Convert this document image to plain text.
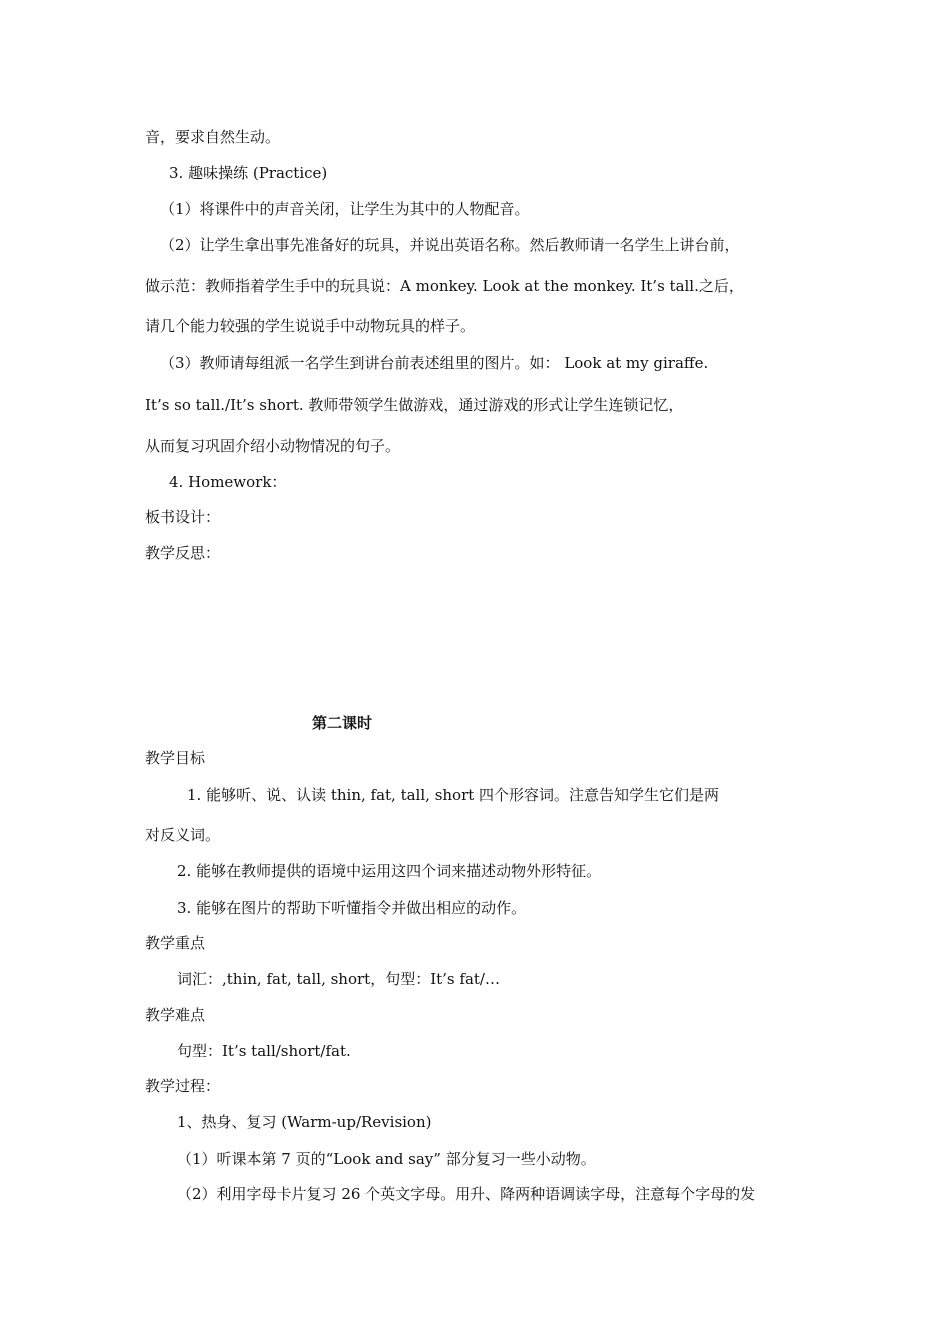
音，要求自然生动。
3. 趣味操练 (Practice)
（1）将课件中的声音关闭，让学生为其中的人物配音。
（2）让学生拿出事先准备好的玩具，并说出英语名称。然后教师请一名学生上讲台前，
做示范：教师指着学生手中的玩具说：A monkey. Look at the monkey. It’s tall.之后，
请几个能力较强的学生说说手中动物玩具的样子。
（3）教师请每组派一名学生到讲台前表述组里的图片。如： Look at my giraffe.
It’s so tall./It’s short. 教师带领学生做游戏，通过游戏的形式让学生连锁记忆，
从而复习巩固介绍小动物情况的句子。
4. Homework：
板书设计：
教学反思：
第二课时
教学目标
1. 能够听、说、认读 thin, fat, tall, short 四个形容词。注意告知学生它们是两
对反义词。
2. 能够在教师提供的语境中运用这四个词来描述动物外形特征。
3. 能够在图片的帮助下听懂指令并做出相应的动作。
教学重点
词汇：,thin, fat, tall, short，句型：It’s fat/…
教学难点
句型：It’s tall/short/fat.
教学过程：
1、热身、复习 (Warm-up/Revision)
（1）听课本第 7 页的“Look and say” 部分复习一些小动物。
（2）利用字母卡片复习 26 个英文字母。用升、降两种语调读字母，注意每个字母的发
